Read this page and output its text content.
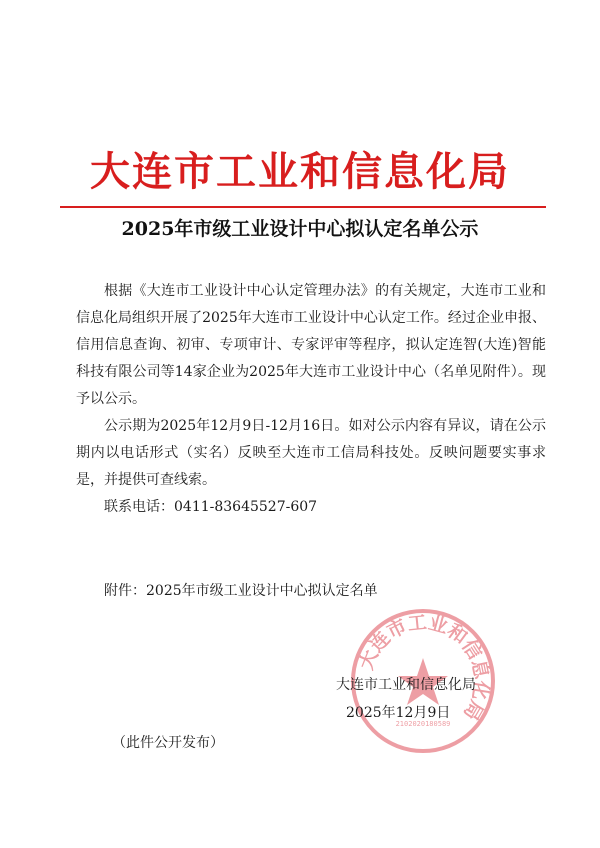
大连市工业和信息化局
2025年市级工业设计中心拟认定名单公示

根据《大连市工业设计中心认定管理办法》的有关规定，大连市工业和信息化局组织开展了2025年大连市工业设计中心认定工作。经过企业申报、信用信息查询、初审、专项审计、专家评审等程序，拟认定连智(大连)智能科技有限公司等14家企业为2025年大连市工业设计中心（名单见附件）。现予以公示。

公示期为2025年12月9日-12月16日。如对公示内容有异议，请在公示期内以电话形式（实名）反映至大连市工信局科技处。反映问题要实事求是，并提供可查线索。

联系电话：0411-83645527-607

附件：2025年市级工业设计中心拟认定名单
大连市工业和信息化局
2102020180589
大连市工业和信息化局
2025年12月9日
（此件公开发布）
